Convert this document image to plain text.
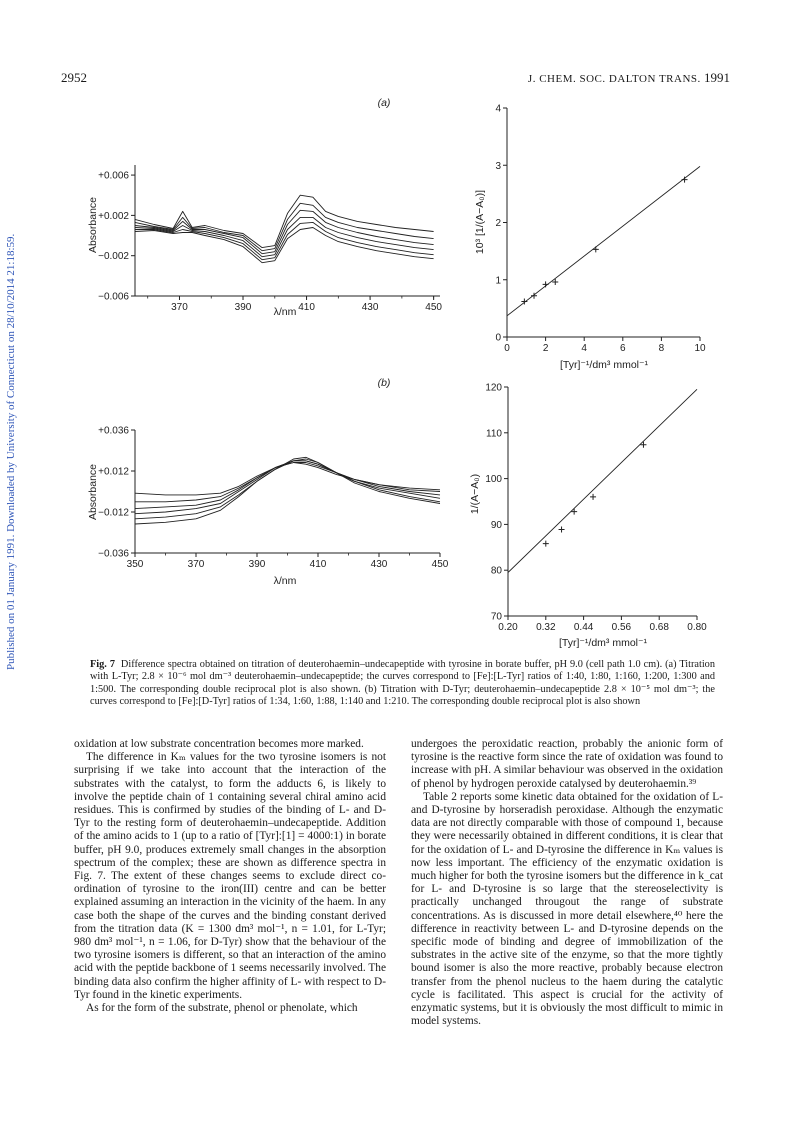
2952	J. CHEM. SOC. DALTON TRANS. 1991
Published on 01 January 1991. Downloaded by University of Connecticut on 28/10/2014 21:18:59.
+0.006
+0.002
−0.002
−0.006
370	390	410	430	450
λ/nm
Absorbance
(a)
0
1
2
3
4
0	2	4	6	8	10
[Tyr]⁻¹/dm³ mmol⁻¹
10³ [1/(A−A₀)]
+0.036
+0.012
−0.012
−0.036
350	370	390	410	430	450
λ/nm
Absorbance
(b)
70
80
90
100
110
120
0.20 0.32 0.44 0.56 0.68 0.80
[Tyr]⁻¹/dm³ mmol⁻¹
1/(A−A₀)
Fig. 7 Difference spectra obtained on titration of deuterohaemin–undecapeptide with tyrosine in borate buffer, pH 9.0 (cell path 1.0 cm). (a) Titration with L-Tyr; 2.8 × 10⁻⁶ mol dm⁻³ deuterohaemin–undecapeptide; the curves correspond to [Fe]:[L-Tyr] ratios of 1:40, 1:80, 1:160, 1:200, 1:300 and 1:500. The corresponding double reciprocal plot is also shown. (b) Titration with D-Tyr; deuterohaemin–undecapeptide 2.8 × 10⁻⁵ mol dm⁻³; the curves correspond to [Fe]:[D-Tyr] ratios of 1:34, 1:60, 1:88, 1:140 and 1:210. The corresponding double reciprocal plot is also shown

oxidation at low substrate concentration becomes more marked.

The difference in Kₘ values for the two tyrosine isomers is not surprising if we take into account that the interaction of the substrates with the catalyst, to form the adducts 6, is likely to involve the peptide chain of 1 containing several chiral amino acid residues. This is confirmed by studies of the binding of L- and D-Tyr to the resting form of deuterohaemin–undecapeptide. Addition of the amino acids to 1 (up to a ratio of [Tyr]:[1] = 4000:1) in borate buffer, pH 9.0, produces extremely small changes in the absorption spectrum of the complex; these are shown as difference spectra in Fig. 7. The extent of these changes seems to exclude direct co-ordination of tyrosine to the iron(III) centre and can be better explained assuming an interaction in the vicinity of the haem. In any case both the shape of the curves and the binding constant derived from the titration data (K = 1300 dm³ mol⁻¹, n = 1.01, for L-Tyr; 980 dm³ mol⁻¹, n = 1.06, for D-Tyr) show that the behaviour of the two tyrosine isomers is different, so that an interaction of the amino acid with the peptide backbone of 1 seems necessarily involved. The binding data also confirm the higher affinity of L- with respect to D-Tyr found in the kinetic experiments.

As for the form of the substrate, phenol or phenolate, which

undergoes the peroxidatic reaction, probably the anionic form of tyrosine is the reactive form since the rate of oxidation was found to increase with pH. A similar behaviour was observed in the oxidation of phenol by hydrogen peroxide catalysed by deuterohaemin.³⁹

Table 2 reports some kinetic data obtained for the oxidation of L- and D-tyrosine by horseradish peroxidase. Although the enzymatic data are not directly comparable with those of compound 1, because they were necessarily obtained in different conditions, it is clear that for the oxidation of L- and D-tyrosine the difference in Kₘ values is now less important. The efficiency of the enzymatic oxidation is much higher for both the tyrosine isomers but the difference in k_cat for L- and D-tyrosine is so large that the stereoselectivity is practically unchanged througout the range of substrate concentrations. As is discussed in more detail elsewhere,⁴⁰ here the difference in reactivity between L- and D-tyrosine depends on the specific mode of binding and degree of immobilization of the substrates in the active site of the enzyme, so that the more tightly bound isomer is also the more reactive, probably because electron transfer from the phenol nucleus to the haem during the catalytic cycle is facilitated. This aspect is crucial for the activity of enzymatic systems, but it is obviously the most difficult to mimic in model systems.
